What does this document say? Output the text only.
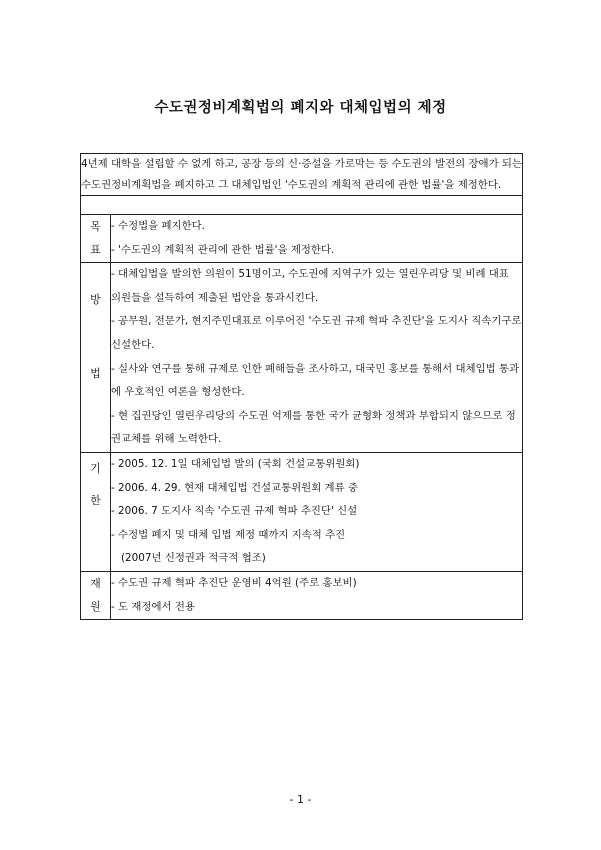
수도권정비계획법의 폐지와 대체입법의 제정
4년제 대학을 설립할 수 없게 하고, 공장 등의 신·증설을 가로막는 등 수도권의 발전의 장애가 되는 수도권정비계획법을 폐지하고 그 대체입법인 '수도권의 계획적 관리에 관한 법률'을 제정한다.	

목
표	- 수정법을 폐지한다.
- '수도권의 계획적 관리에 관한 법률'을 제정한다.

방
법	- 대체입법을 발의한 의원이 51명이고, 수도권에 지역구가 있는 열린우리당 및 비례 대표 의원들을 설득하여 제출된 법안을 통과시킨다.
- 공무원, 전문가, 현지주민대표로 이루어진 '수도권 규제 혁파 추진단'을 도지사 직속기구로 신설한다.
- 실사와 연구를 통해 규제로 인한 폐해들을 조사하고, 대국민 홍보를 통해서 대체입법 통과에 우호적인 여론을 형성한다.
- 현 집권당인 열린우리당의 수도권 억제를 통한 국가 균형화 정책과 부합되지 않으므로 정권교체를 위해 노력한다.

기
한	- 2005. 12. 1일 대체입법 발의 (국회 건설교통위원회)
- 2006. 4. 29. 현재 대체입법 건설교통위원회 계류 중
- 2006. 7 도지사 직속 '수도권 규제 혁파 추진단' 신설
- 수정법 폐지 및 대체 입법 제정 때까지 지속적 추진
(2007년 신정권과 적극적 협조)

재
원	- 수도권 규제 혁파 추진단 운영비 4억원 (주로 홍보비)
- 도 재정에서 전용
- 1 -
